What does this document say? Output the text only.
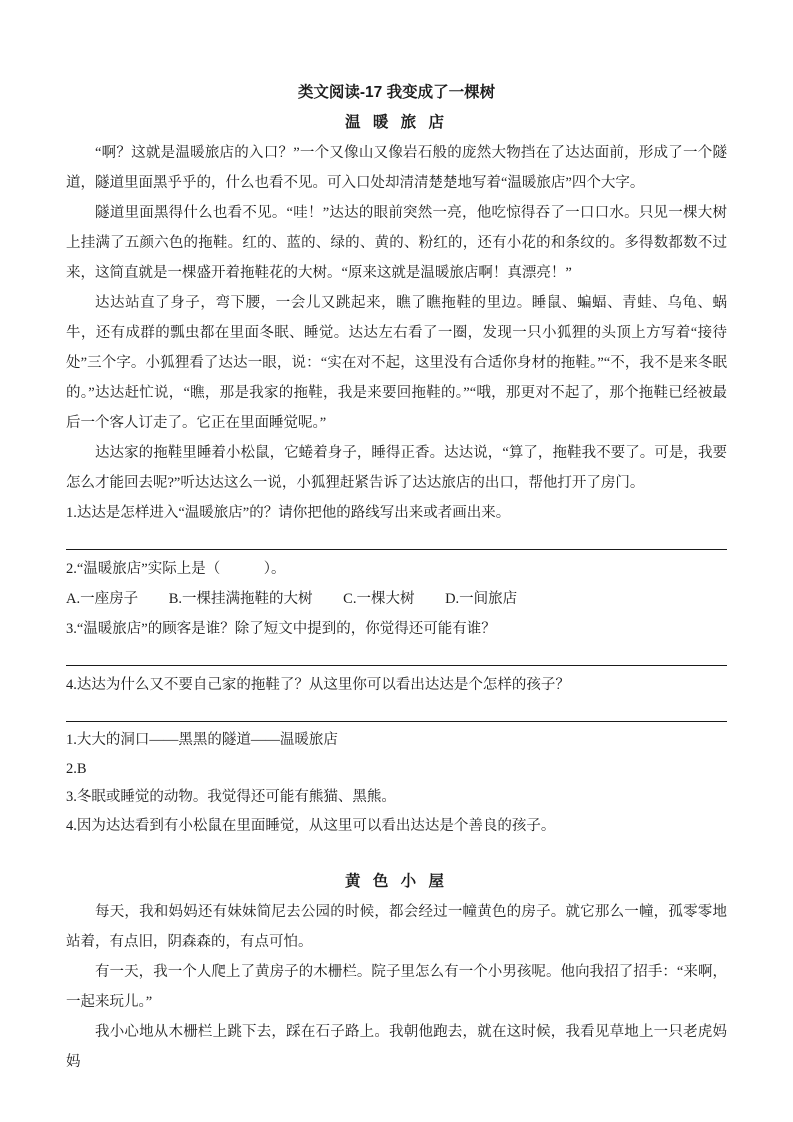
类文阅读-17 我变成了一棵树
温 暖 旅 店

“啊？这就是温暖旅店的入口？”一个又像山又像岩石般的庞然大物挡在了达达面前，形成了一个隧道，隧道里面黑乎乎的，什么也看不见。可入口处却清清楚楚地写着“温暖旅店”四个大字。

隧道里面黑得什么也看不见。“哇！”达达的眼前突然一亮，他吃惊得吞了一口口水。只见一棵大树上挂满了五颜六色的拖鞋。红的、蓝的、绿的、黄的、粉红的，还有小花的和条纹的。多得数都数不过来，这简直就是一棵盛开着拖鞋花的大树。“原来这就是温暖旅店啊！真漂亮！”

达达站直了身子，弯下腰，一会儿又跳起来，瞧了瞧拖鞋的里边。睡鼠、蝙蝠、青蛙、乌龟、蜗牛，还有成群的瓢虫都在里面冬眠、睡觉。达达左右看了一圈，发现一只小狐狸的头顶上方写着“接待处”三个字。小狐狸看了达达一眼，说：“实在对不起，这里没有合适你身材的拖鞋。”“不，我不是来冬眠的。”达达赶忙说，“瞧，那是我家的拖鞋，我是来要回拖鞋的。”“哦，那更对不起了，那个拖鞋已经被最后一个客人订走了。它正在里面睡觉呢。”

达达家的拖鞋里睡着小松鼠，它蜷着身子，睡得正香。达达说，“算了，拖鞋我不要了。可是，我要怎么才能回去呢?”听达达这么一说，小狐狸赶紧告诉了达达旅店的出口，帮他打开了房门。

1.达达是怎样进入“温暖旅店”的？请你把他的路线写出来或者画出来。

2.“温暖旅店”实际上是（　　　）。

A.一座房子 B.一棵挂满拖鞋的大树 C.一棵大树 D.一间旅店

3.“温暖旅店”的顾客是谁？除了短文中提到的，你觉得还可能有谁？

4.达达为什么又不要自己家的拖鞋了？从这里你可以看出达达是个怎样的孩子？

1.大大的洞口——黑黑的隧道——温暖旅店

2.B

3.冬眠或睡觉的动物。我觉得还可能有熊猫、黑熊。

4.因为达达看到有小松鼠在里面睡觉，从这里可以看出达达是个善良的孩子。

黄 色 小 屋

每天，我和妈妈还有妹妹简尼去公园的时候，都会经过一幢黄色的房子。就它那么一幢，孤零零地站着，有点旧，阴森森的，有点可怕。

有一天，我一个人爬上了黄房子的木栅栏。院子里怎么有一个小男孩呢。他向我招了招手：“来啊，一起来玩儿。”

我小心地从木栅栏上跳下去，踩在石子路上。我朝他跑去，就在这时候，我看见草地上一只老虎妈妈
